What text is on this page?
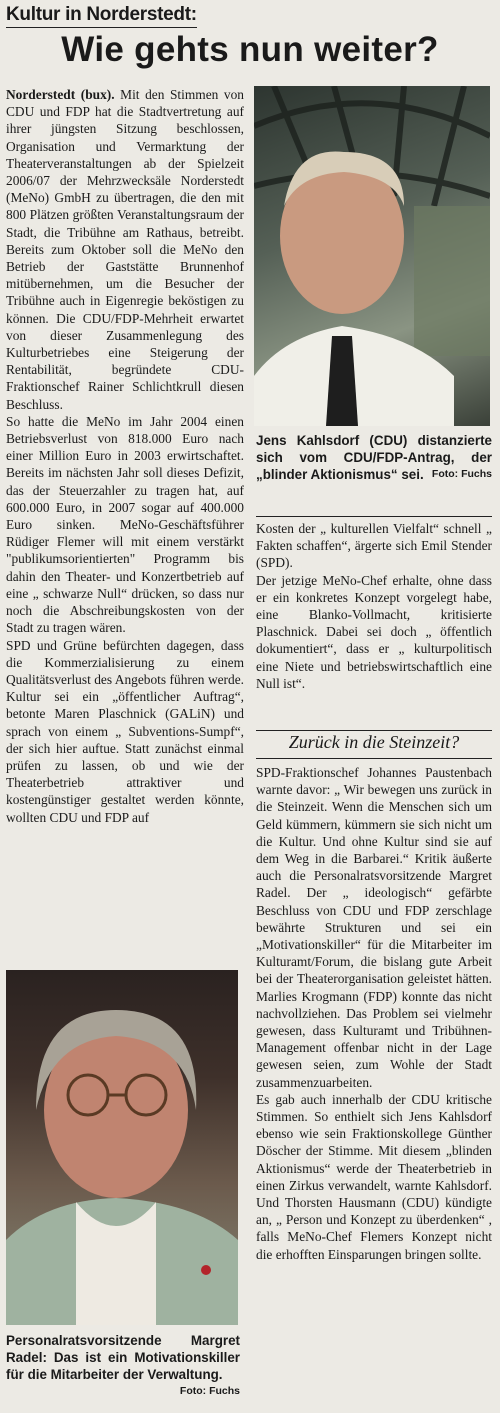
Kultur in Norderstedt:
Wie gehts nun weiter?

Norderstedt (bux). Mit den Stimmen von CDU und FDP hat die Stadtvertretung auf ihrer jüngsten Sitzung beschlossen, Organisation und Vermarktung der Theaterveranstaltungen ab der Spielzeit 2006/07 der Mehrzwecksäle Norderstedt (MeNo) GmbH zu übertragen, die den mit 800 Plätzen größten Veranstaltungsraum der Stadt, die Tribühne am Rathaus, betreibt. Bereits zum Oktober soll die MeNo den Betrieb der Gaststätte Brunnenhof mitübernehmen, um die Besucher der Tribühne auch in Eigenregie beköstigen zu können. Die CDU/FDP-Mehrheit erwartet von dieser Zusammenlegung des Kulturbetriebes eine Steigerung der Rentabilität, begründete CDU-Fraktionschef Rainer Schlichtkrull diesen Beschluss.

So hatte die MeNo im Jahr 2004 einen Betriebsverlust von 818.000 Euro nach einer Million Euro in 2003 erwirtschaftet. Bereits im nächsten Jahr soll dieses Defizit, das der Steuerzahler zu tragen hat, auf 600.000 Euro, in 2007 sogar auf 400.000 Euro sinken. MeNo-Geschäftsführer Rüdiger Flemer will mit einem verstärkt "publikumsorientierten" Programm bis dahin den Theater- und Konzertbetrieb auf eine „ schwarze Null“ drücken, so dass nur noch die Abschreibungskosten von der Stadt zu tragen wären.

SPD und Grüne befürchten dagegen, dass die Kommerzialisierung zu einem Qualitätsverlust des Angebots führen werde. Kultur sei ein „öffentlicher Auftrag“, betonte Maren Plaschnick (GALiN) und sprach von einem „ Subventions-Sumpf“, der sich hier auftue. Statt zunächst einmal prüfen zu lassen, ob und wie der Theaterbetrieb attraktiver und kostengünstiger gestaltet werden könnte, wollten CDU und FDP auf

Jens Kahlsdorf (CDU) distanzierte sich vom CDU/FDP-Antrag, der „blinder Aktionismus“ sei. Foto: Fuchs

Kosten der „ kulturellen Vielfalt“ schnell „ Fakten schaffen“, ärgerte sich Emil Stender (SPD).

Der jetzige MeNo-Chef erhalte, ohne dass er ein konkretes Konzept vorgelegt habe, eine Blanko-Vollmacht, kritisierte Plaschnick. Dabei sei doch „ öffentlich dokumentiert“, dass er „ kulturpolitisch eine Niete und betriebswirtschaftlich eine Null ist“.

Zurück in die Steinzeit?

SPD-Fraktionschef Johannes Paustenbach warnte davor: „ Wir bewegen uns zurück in die Steinzeit. Wenn die Menschen sich um Geld kümmern, kümmern sie sich nicht um die Kultur. Und ohne Kultur sind sie auf dem Weg in die Barbarei.“ Kritik äußerte auch die Personalratsvorsitzende Margret Radel. Der „ ideologisch“ gefärbte Beschluss von CDU und FDP zerschlage bewährte Strukturen und sei ein „Motivationskiller“ für die Mitarbeiter im Kulturamt/Forum, die bislang gute Arbeit bei der Theaterorganisation geleistet hätten. Marlies Krogmann (FDP) konnte das nicht nachvollziehen. Das Problem sei vielmehr gewesen, dass Kulturamt und Tribühnen-Management offenbar nicht in der Lage gewesen seien, zum Wohle der Stadt zusammenzuarbeiten.

Es gab auch innerhalb der CDU kritische Stimmen. So enthielt sich Jens Kahlsdorf ebenso wie sein Fraktionskollege Günther Döscher der Stimme. Mit diesem „blinden Aktionismus“ werde der Theaterbetrieb in einen Zirkus verwandelt, warnte Kahlsdorf. Und Thorsten Hausmann (CDU) kündigte an, „ Person und Konzept zu überdenken“ , falls MeNo-Chef Flemers Konzept nicht die erhofften Einsparungen bringen sollte.

Personalratsvorsitzende Margret Radel: Das ist ein Motivationskiller für die Mitarbeiter der Verwaltung.
Foto: Fuchs
